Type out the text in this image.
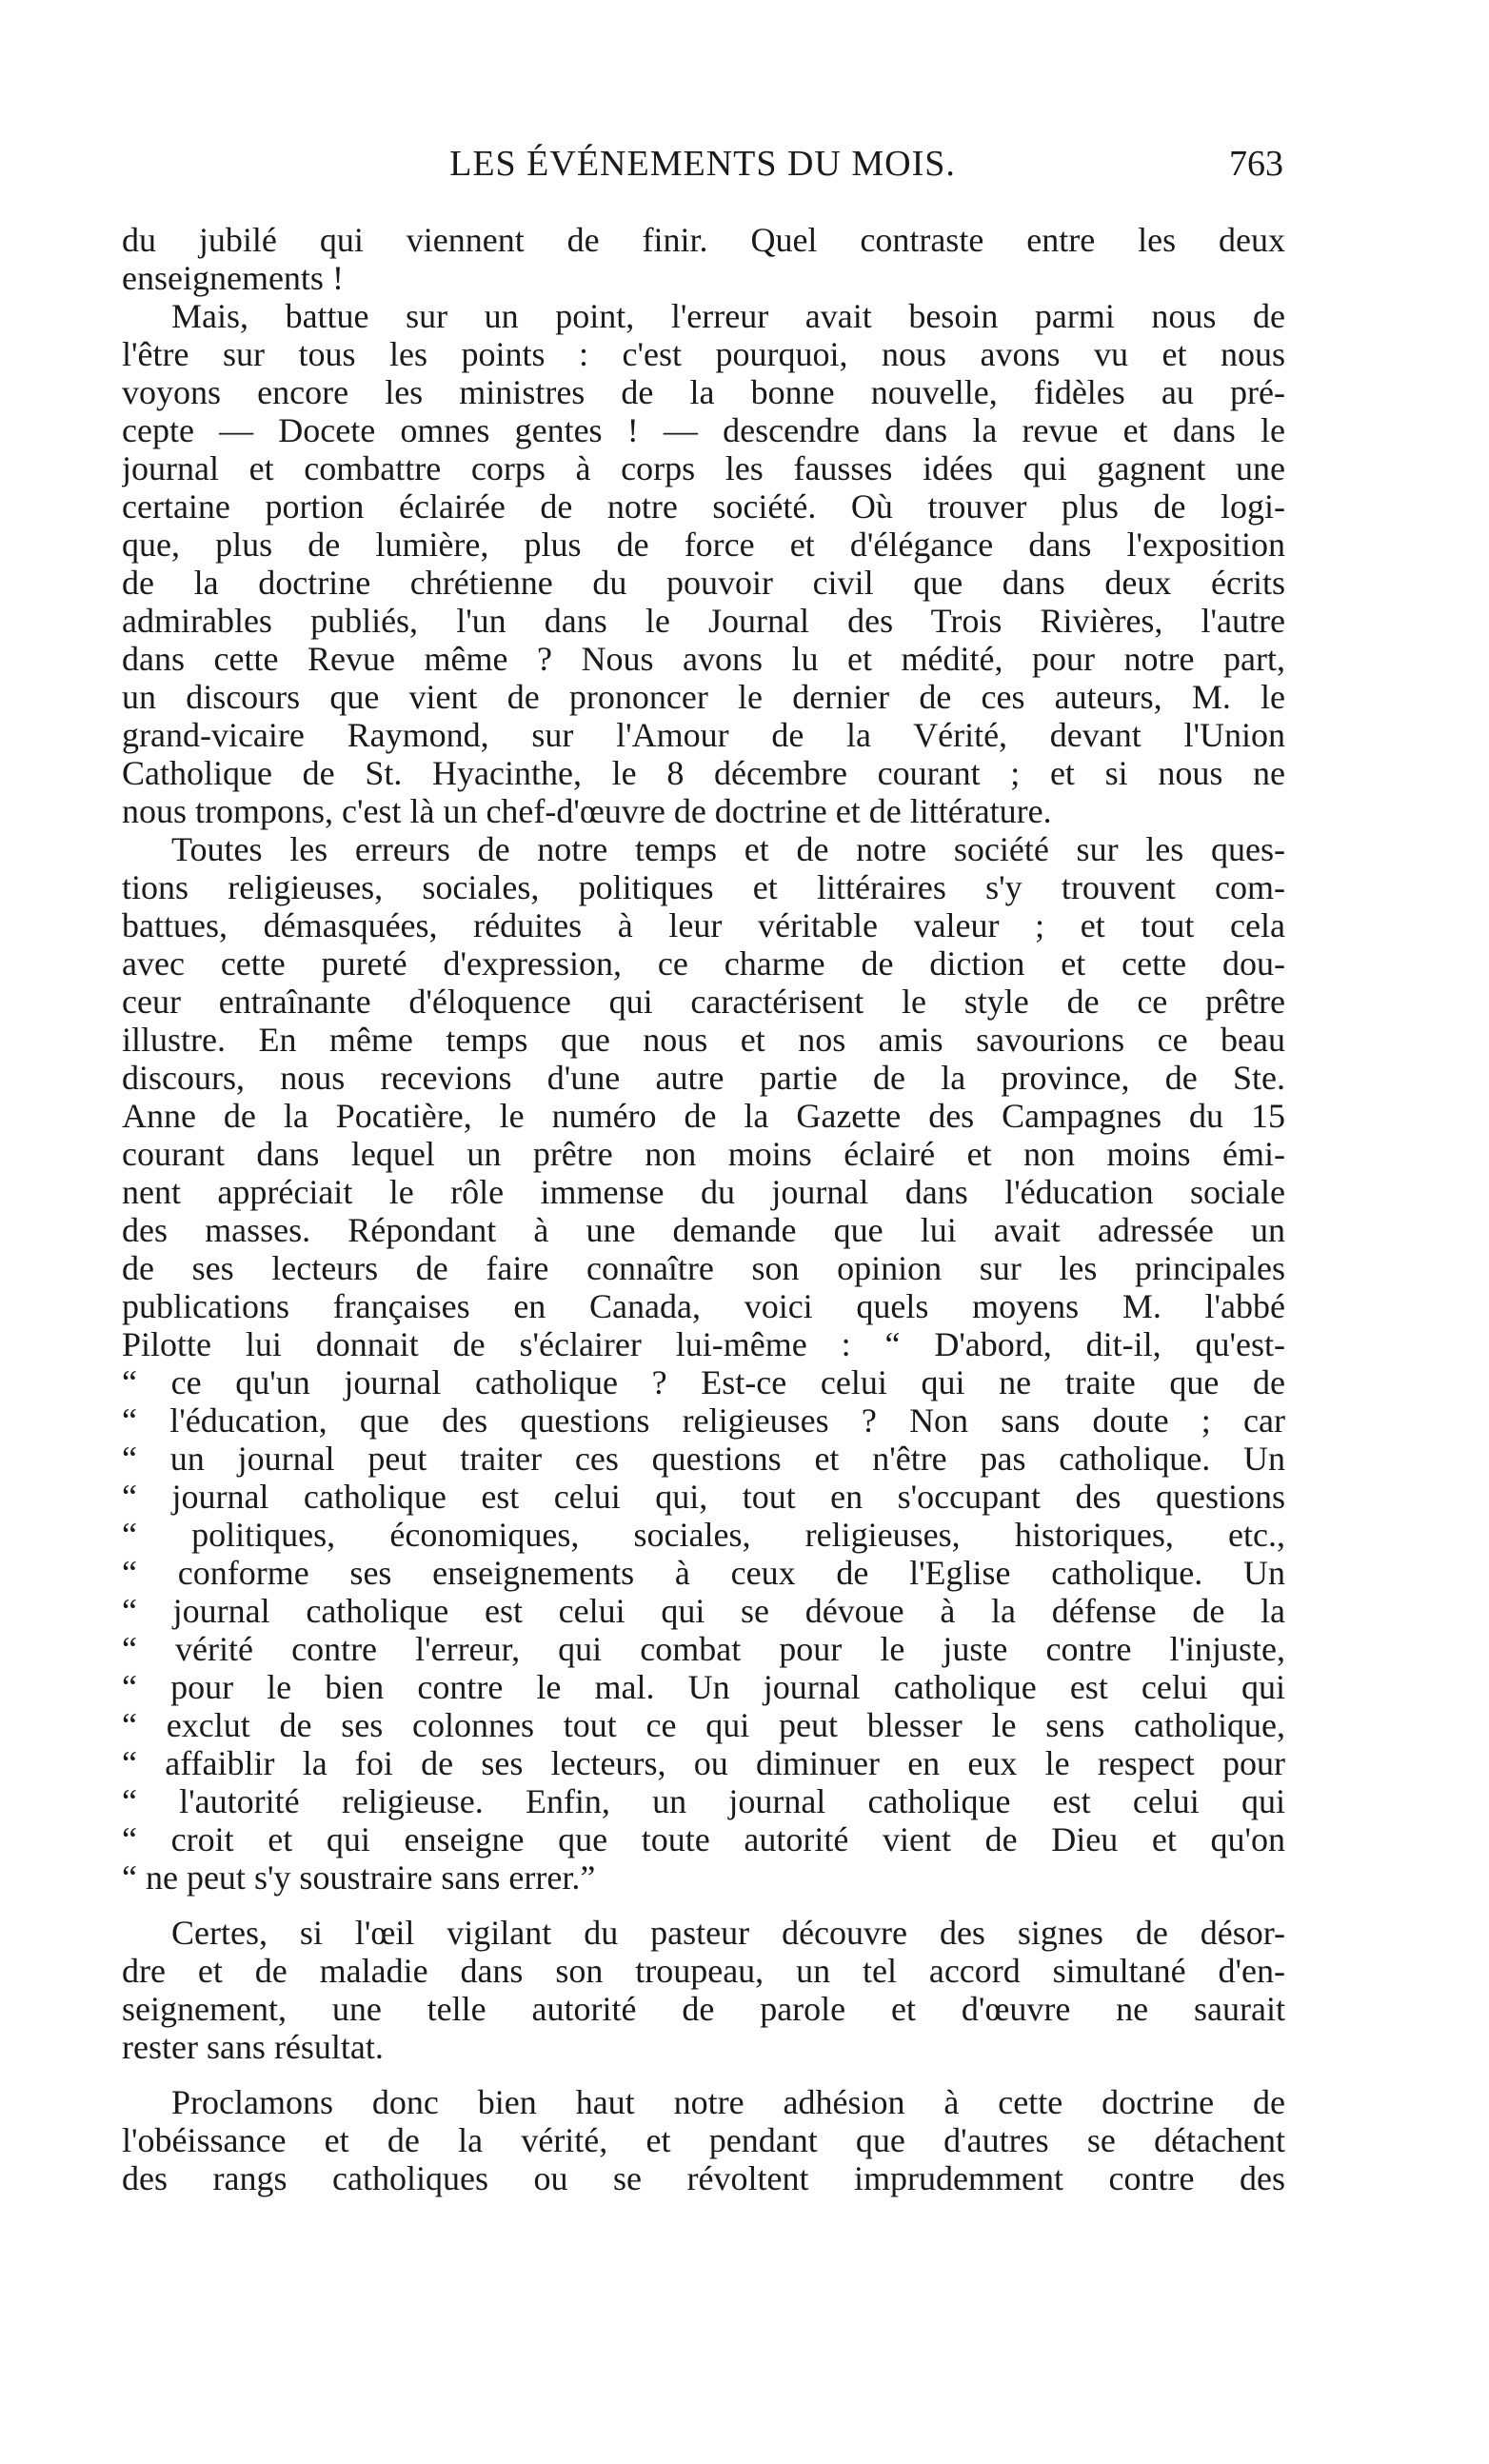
LES ÉVÉNEMENTS DU MOIS.	763
du jubilé qui viennent de finir. Quel contraste entre les deux
enseignements !
Mais, battue sur un point, l'erreur avait besoin parmi nous de
l'être sur tous les points : c'est pourquoi, nous avons vu et nous
voyons encore les ministres de la bonne nouvelle, fidèles au pré-
cepte — Docete omnes gentes ! — descendre dans la revue et dans le
journal et combattre corps à corps les fausses idées qui gagnent une
certaine portion éclairée de notre société. Où trouver plus de logi-
que, plus de lumière, plus de force et d'élégance dans l'exposition
de la doctrine chrétienne du pouvoir civil que dans deux écrits
admirables publiés, l'un dans le Journal des Trois Rivières, l'autre
dans cette Revue même ? Nous avons lu et médité, pour notre part,
un discours que vient de prononcer le dernier de ces auteurs, M. le
grand-vicaire Raymond, sur l'Amour de la Vérité, devant l'Union
Catholique de St. Hyacinthe, le 8 décembre courant ; et si nous ne
nous trompons, c'est là un chef-d'œuvre de doctrine et de littérature.
Toutes les erreurs de notre temps et de notre société sur les ques-
tions religieuses, sociales, politiques et littéraires s'y trouvent com-
battues, démasquées, réduites à leur véritable valeur ; et tout cela
avec cette pureté d'expression, ce charme de diction et cette dou-
ceur entraînante d'éloquence qui caractérisent le style de ce prêtre
illustre. En même temps que nous et nos amis savourions ce beau
discours, nous recevions d'une autre partie de la province, de Ste.
Anne de la Pocatière, le numéro de la Gazette des Campagnes du 15
courant dans lequel un prêtre non moins éclairé et non moins émi-
nent appréciait le rôle immense du journal dans l'éducation sociale
des masses. Répondant à une demande que lui avait adressée un
de ses lecteurs de faire connaître son opinion sur les principales
publications françaises en Canada, voici quels moyens M. l'abbé
Pilotte lui donnait de s'éclairer lui-même : “ D'abord, dit-il, qu'est-
“ ce qu'un journal catholique ? Est-ce celui qui ne traite que de
“ l'éducation, que des questions religieuses ? Non sans doute ; car
“ un journal peut traiter ces questions et n'être pas catholique. Un
“ journal catholique est celui qui, tout en s'occupant des questions
“ politiques, économiques, sociales, religieuses, historiques, etc.,
“ conforme ses enseignements à ceux de l'Eglise catholique. Un
“ journal catholique est celui qui se dévoue à la défense de la
“ vérité contre l'erreur, qui combat pour le juste contre l'injuste,
“ pour le bien contre le mal. Un journal catholique est celui qui
“ exclut de ses colonnes tout ce qui peut blesser le sens catholique,
“ affaiblir la foi de ses lecteurs, ou diminuer en eux le respect pour
“ l'autorité religieuse. Enfin, un journal catholique est celui qui
“ croit et qui enseigne que toute autorité vient de Dieu et qu'on
“ ne peut s'y soustraire sans errer.”
Certes, si l'œil vigilant du pasteur découvre des signes de désor-
dre et de maladie dans son troupeau, un tel accord simultané d'en-
seignement, une telle autorité de parole et d'œuvre ne saurait
rester sans résultat.
Proclamons donc bien haut notre adhésion à cette doctrine de
l'obéissance et de la vérité, et pendant que d'autres se détachent
des rangs catholiques ou se révoltent imprudemment contre des
